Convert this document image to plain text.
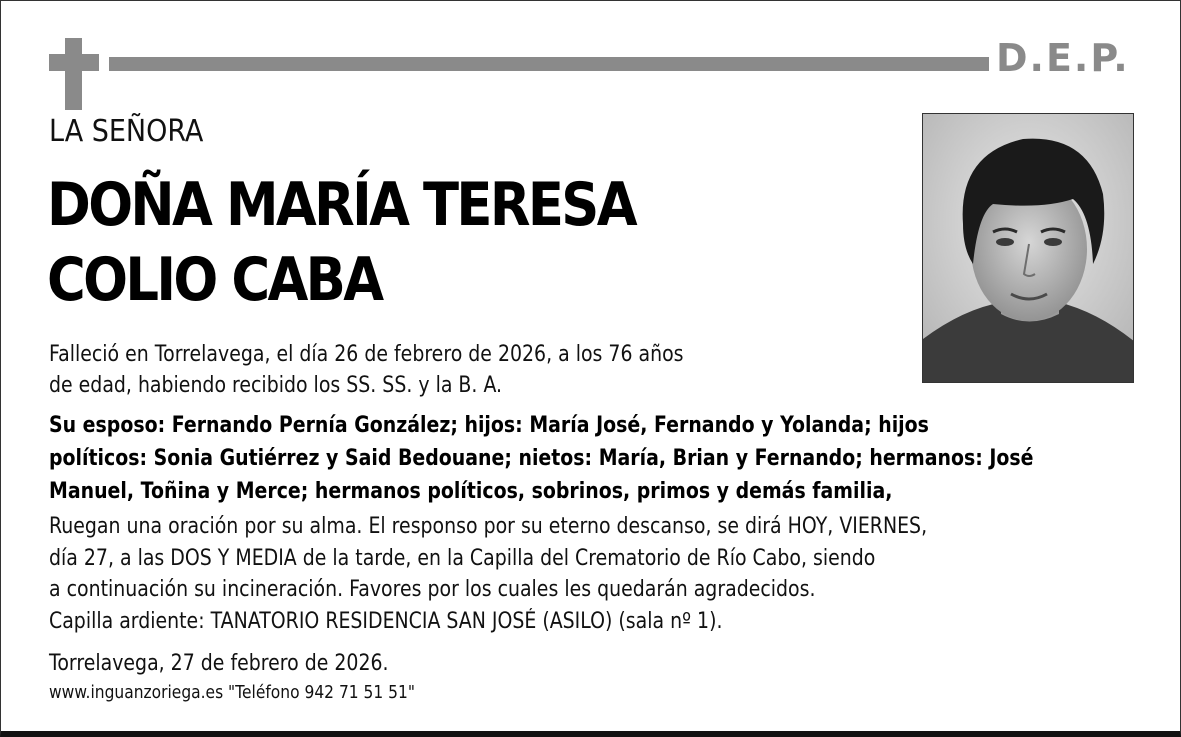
D.E.P.
LA SEÑORA
DOÑA MARÍA TERESA
COLIO CABA
Falleció en Torrelavega, el día 26 de febrero de 2026, a los 76 años
de edad, habiendo recibido los SS. SS. y la B. A.
Su esposo: Fernando Pernía González; hijos: María José, Fernando y Yolanda; hijos
políticos: Sonia Gutiérrez y Said Bedouane; nietos: María, Brian y Fernando; hermanos: José
Manuel, Toñina y Merce; hermanos políticos, sobrinos, primos y demás familia,
Ruegan una oración por su alma. El responso por su eterno descanso, se dirá HOY, VIERNES,
día 27, a las DOS Y MEDIA de la tarde, en la Capilla del Crematorio de Río Cabo, siendo
a continuación su incineración. Favores por los cuales les quedarán agradecidos.
Capilla ardiente: TANATORIO RESIDENCIA SAN JOSÉ (ASILO) (sala nº 1).
Torrelavega, 27 de febrero de 2026.
www.inguanzoriega.es "Teléfono 942 71 51 51"
